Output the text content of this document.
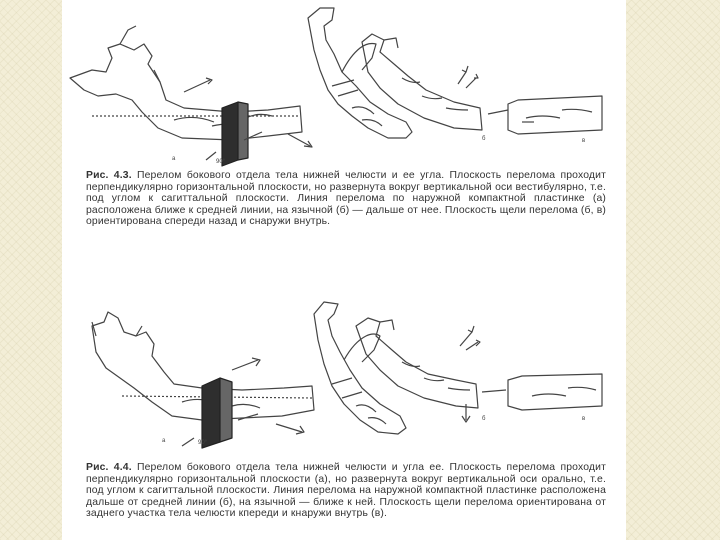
90°
а
б	в
Рис. 4.3. Перелом бокового отдела тела нижней челюсти и ее угла. Плоскость перелома проходит перпендикулярно горизонтальной плоскости, но развернута вокруг вертикальной оси вестибулярно, т.е. под углом к сагиттальной плоскости. Линия перелома по наружной компактной пластинке (а) расположена ближе к средней линии, на язычной (б) — дальше от нее. Плоскость щели перелома (б, в) ориентирована спереди назад и снаружи внутрь.
90°
а
б	в
Рис. 4.4. Перелом бокового отдела тела нижней челюсти и угла ее. Плоскость перелома проходит перпендикулярно горизонтальной плоскости (а), но развернута вокруг вертикальной оси орально, т.е. под углом к сагиттальной плоскости. Линия перелома на наружной компактной пластинке расположена дальше от средней линии (б), на язычной — ближе к ней. Плоскость щели перелома ориентирована от заднего участка тела челюсти кпереди и кнаружи внутрь (в).
